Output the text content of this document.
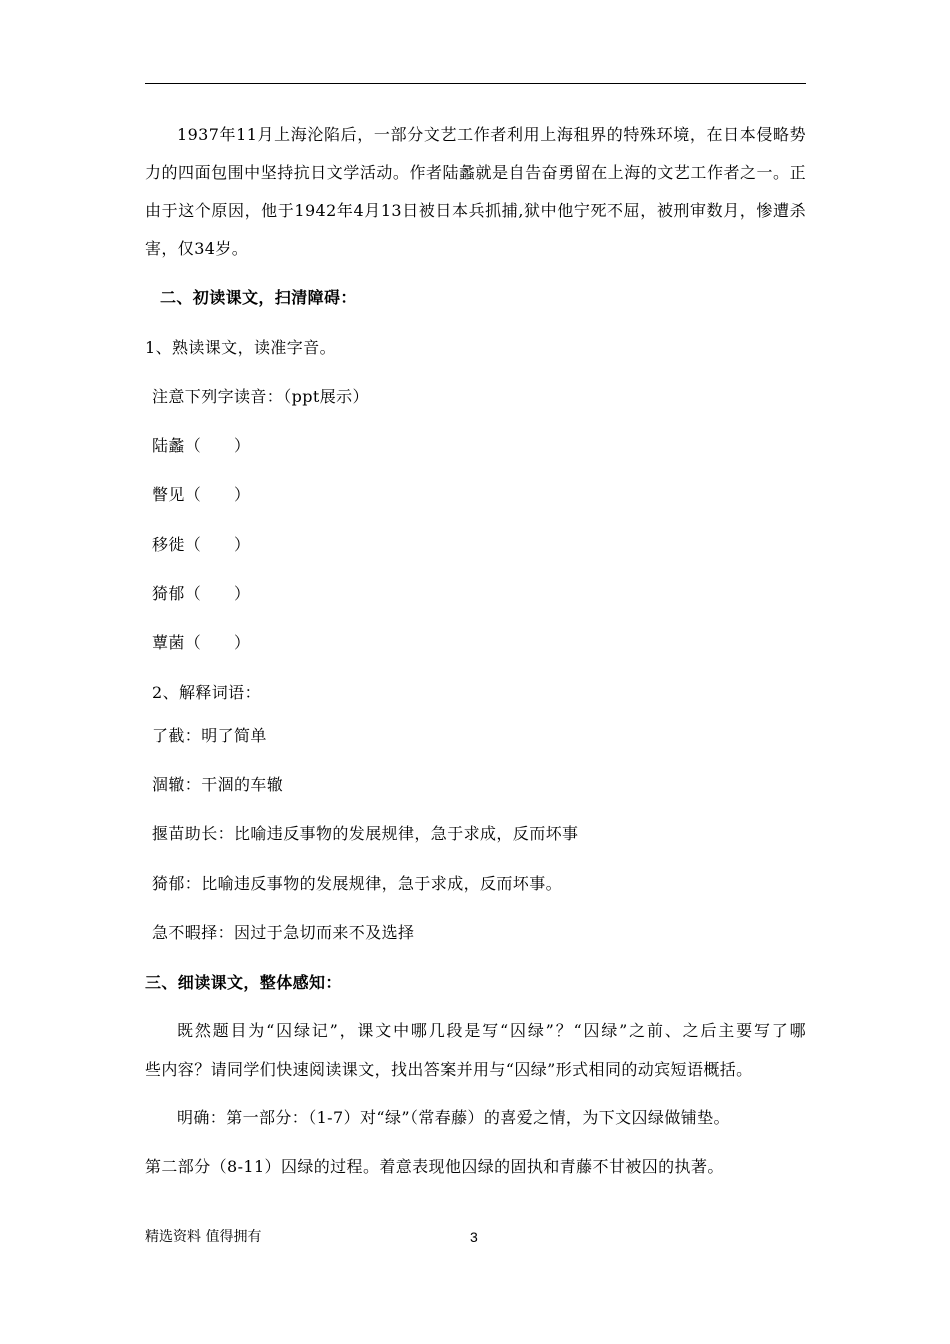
1937年11月上海沦陷后，一部分文艺工作者利用上海租界的特殊环境，在日本侵略势
力的四面包围中坚持抗日文学活动。作者陆蠡就是自告奋勇留在上海的文艺工作者之一。正
由于这个原因，他于1942年4月13日被日本兵抓捕,狱中他宁死不屈，被刑审数月，惨遭杀
害，仅34岁。
二、初读课文，扫清障碍：
1、熟读课文，读准字音。
注意下列字读音：（ppt展示）
陆蠡（　　）
瞥见（　　）
移徙（　　）
猗郁（　　）
蕈菌（　　）
2、解释词语：
了截：明了简单
涸辙：干涸的车辙
揠苗助长：比喻违反事物的发展规律，急于求成，反而坏事
猗郁：比喻违反事物的发展规律，急于求成，反而坏事。
急不暇择：因过于急切而来不及选择
三、细读课文，整体感知：
既然题目为“囚绿记”，课文中哪几段是写“囚绿”？“囚绿”之前、之后主要写了哪
些内容？请同学们快速阅读课文，找出答案并用与“囚绿”形式相同的动宾短语概括。
明确：第一部分：（1-7）对“绿”（常春藤）的喜爱之情，为下文囚绿做铺垫。
第二部分（8-11）囚绿的过程。着意表现他囚绿的固执和青藤不甘被囚的执著。
精选资料 值得拥有	3
